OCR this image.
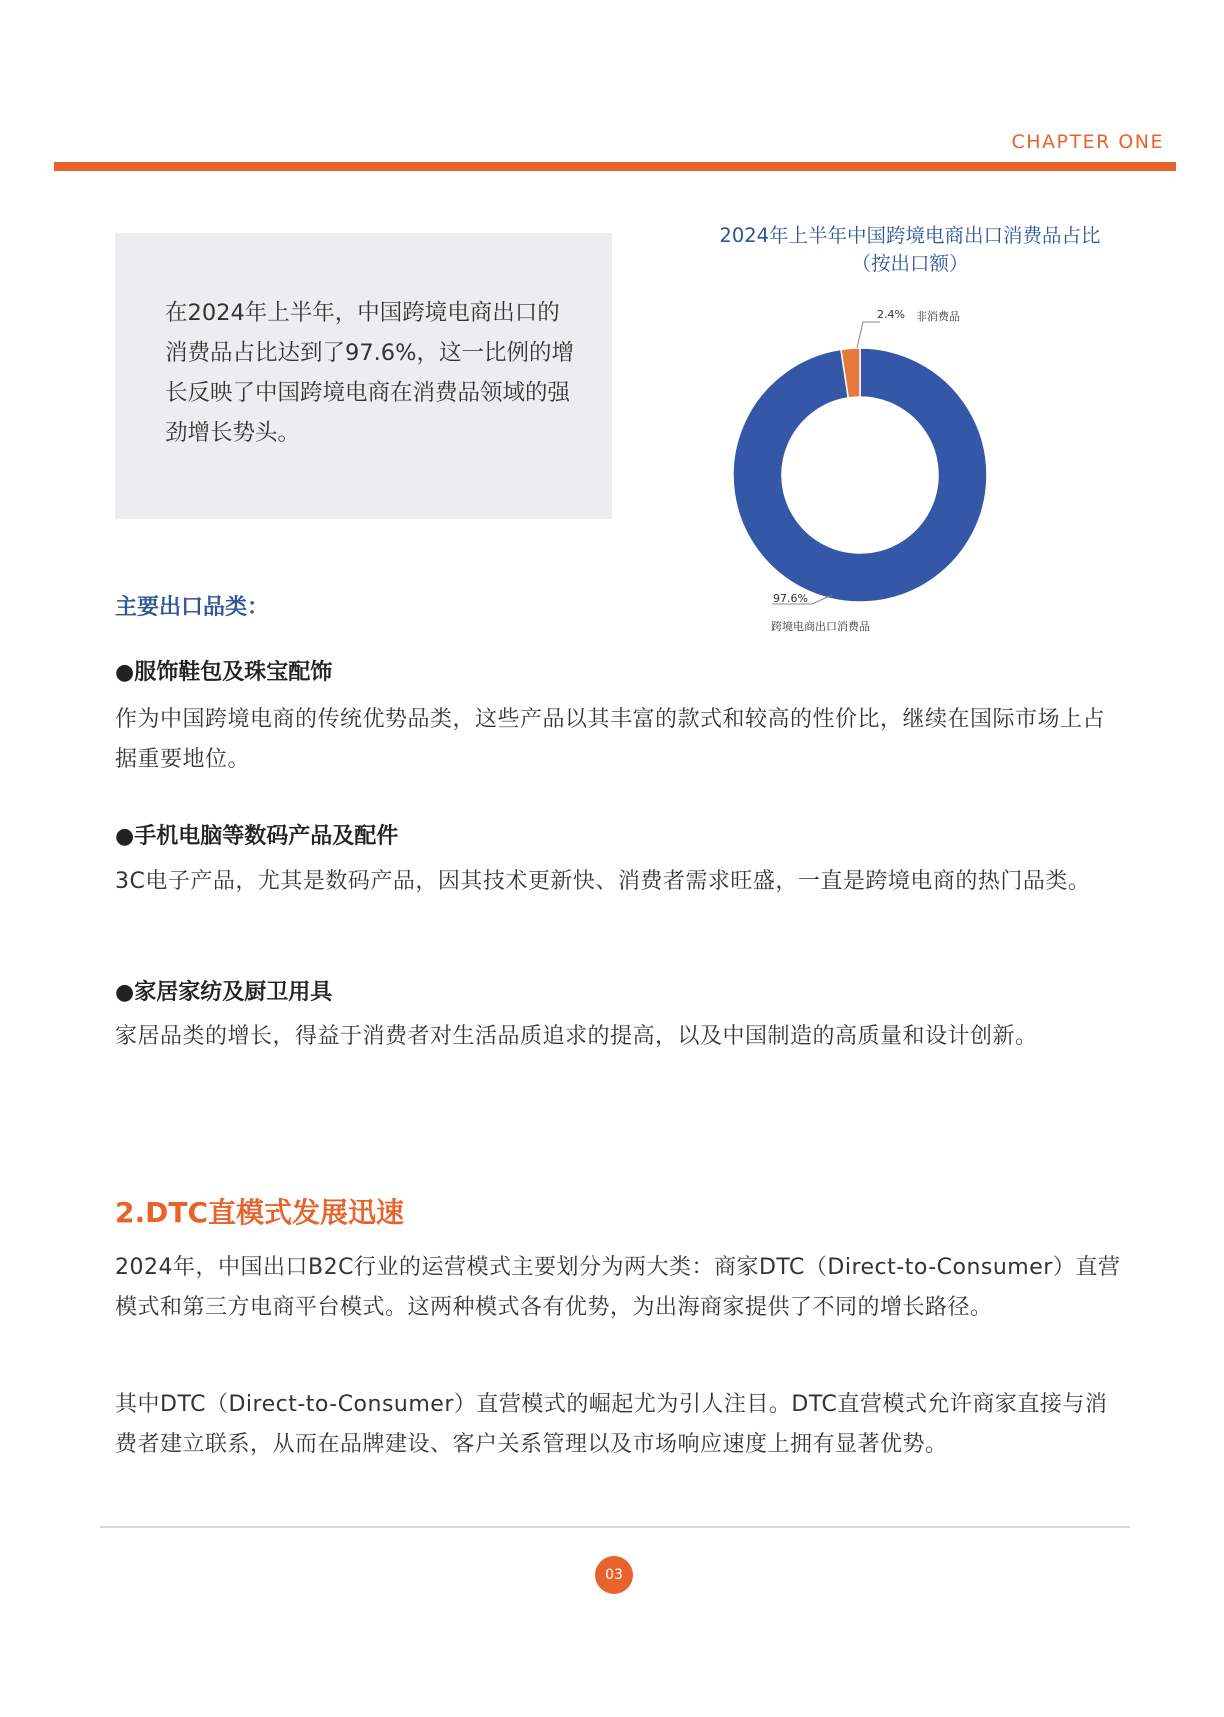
CHAPTER ONE

在2024年上半年，中国跨境电商出口的消费品占比达到了97.6%，这一比例的增长反映了中国跨境电商在消费品领域的强劲增长势头。

2024年上半年中国跨境电商出口消费品占比
（按出口额）
2.4% 非消费品
97.6%
跨境电商出口消费品
主要出口品类：
●服饰鞋包及珠宝配饰

作为中国跨境电商的传统优势品类，这些产品以其丰富的款式和较高的性价比，继续在国际市场上占据重要地位。

●手机电脑等数码产品及配件

3C电子产品，尤其是数码产品，因其技术更新快、消费者需求旺盛，一直是跨境电商的热门品类。

●家居家纺及厨卫用具

家居品类的增长，得益于消费者对生活品质追求的提高，以及中国制造的高质量和设计创新。

2.DTC直模式发展迅速

2024年，中国出口B2C行业的运营模式主要划分为两大类：商家DTC（Direct-to-Consumer）直营模式和第三方电商平台模式。这两种模式各有优势，为出海商家提供了不同的增长路径。

其中DTC（Direct-to-Consumer）直营模式的崛起尤为引人注目。DTC直营模式允许商家直接与消费者建立联系，从而在品牌建设、客户关系管理以及市场响应速度上拥有显著优势。

03
